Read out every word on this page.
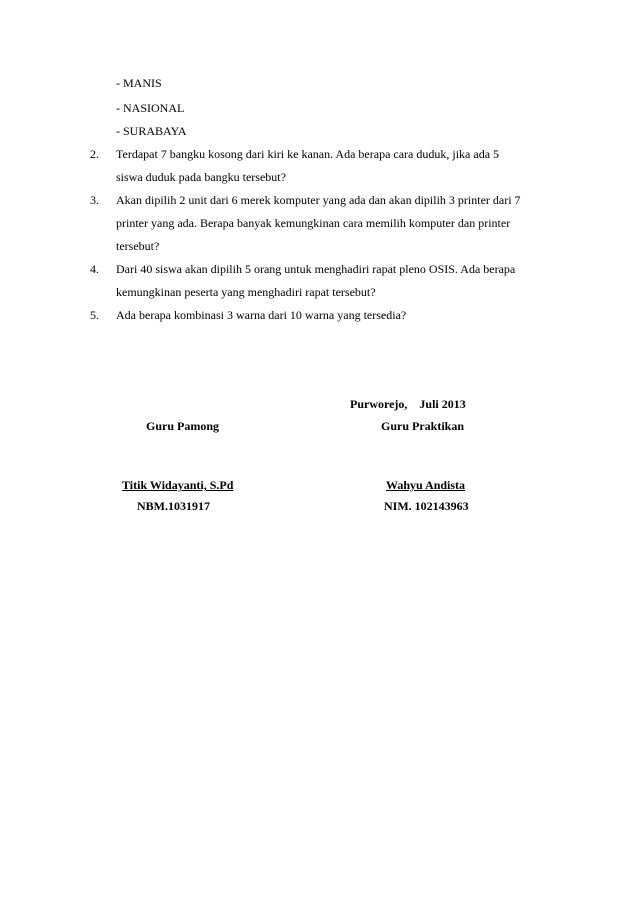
- MANIS
- NASIONAL
- SURABAYA
2. Terdapat 7 bangku kosong dari kiri ke kanan. Ada berapa cara duduk, jika ada 5
siswa duduk pada bangku tersebut?
3. Akan dipilih 2 unit dari 6 merek komputer yang ada dan akan dipilih 3 printer dari 7
printer yang ada. Berapa banyak kemungkinan cara memilih komputer dan printer
tersebut?
4. Dari 40 siswa akan dipilih 5 orang untuk menghadiri rapat pleno OSIS. Ada berapa
kemungkinan peserta yang menghadiri rapat tersebut?
5. Ada berapa kombinasi 3 warna dari 10 warna yang tersedia?
Purworejo,    Juli 2013
Guru Pamong	Guru Praktikan
Titik Widayanti, S.Pd	Wahyu Andista
NBM.1031917	NIM. 102143963
